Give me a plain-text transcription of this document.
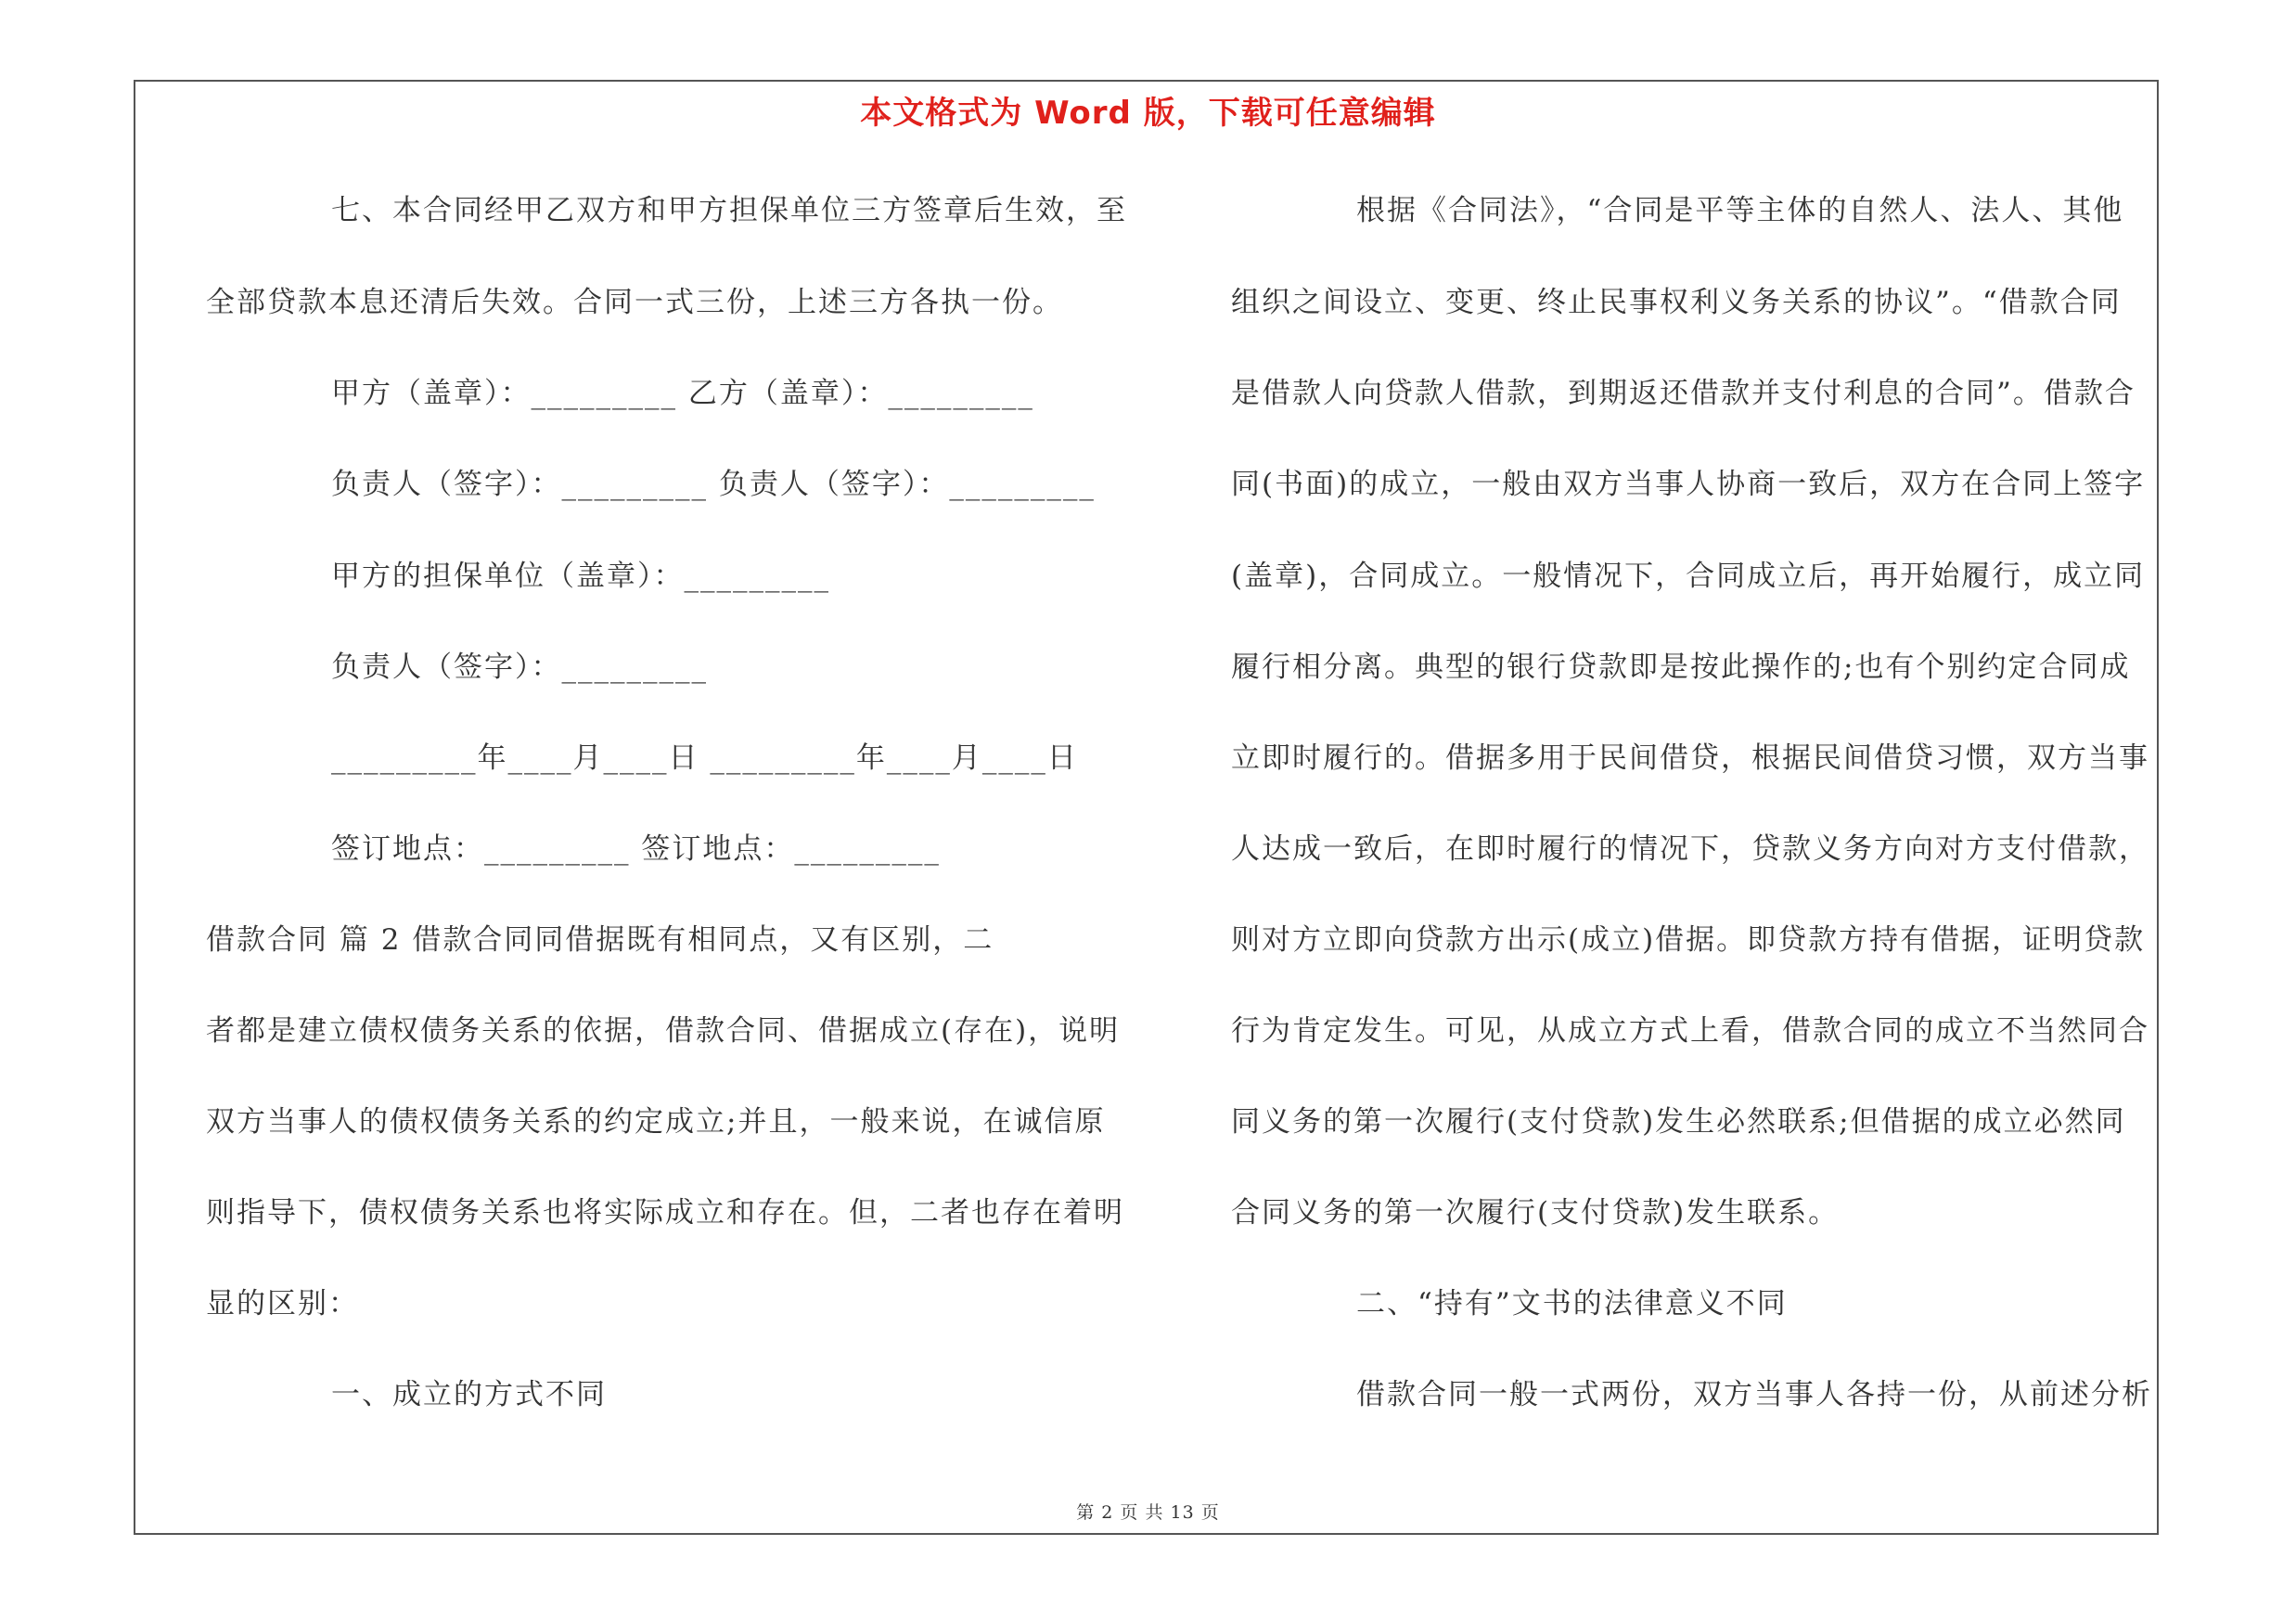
本文格式为 Word 版，下载可任意编辑
七、本合同经甲乙双方和甲方担保单位三方签章后生效，至
全部贷款本息还清后失效。合同一式三份，上述三方各执一份。
甲方（盖章）：_________ 乙方（盖章）：_________
负责人（签字）：_________ 负责人（签字）：_________
甲方的担保单位（盖章）：_________
负责人（签字）：_________
_________年____月____日 _________年____月____日
签订地点：_________ 签订地点：_________
借款合同 篇 2 借款合同同借据既有相同点，又有区别，二
者都是建立债权债务关系的依据，借款合同、借据成立(存在)，说明
双方当事人的债权债务关系的约定成立;并且，一般来说，在诚信原
则指导下，债权债务关系也将实际成立和存在。但，二者也存在着明
显的区别：
一、成立的方式不同
根据《合同法》，“合同是平等主体的自然人、法人、其他
组织之间设立、变更、终止民事权利义务关系的协议”。“借款合同
是借款人向贷款人借款，到期返还借款并支付利息的合同”。借款合
同(书面)的成立，一般由双方当事人协商一致后，双方在合同上签字
(盖章)，合同成立。一般情况下，合同成立后，再开始履行，成立同
履行相分离。典型的银行贷款即是按此操作的;也有个别约定合同成
立即时履行的。借据多用于民间借贷，根据民间借贷习惯，双方当事
人达成一致后，在即时履行的情况下，贷款义务方向对方支付借款，
则对方立即向贷款方出示(成立)借据。即贷款方持有借据，证明贷款
行为肯定发生。可见，从成立方式上看，借款合同的成立不当然同合
同义务的第一次履行(支付贷款)发生必然联系;但借据的成立必然同
合同义务的第一次履行(支付贷款)发生联系。
二、“持有”文书的法律意义不同
借款合同一般一式两份，双方当事人各持一份，从前述分析
第 2 页 共 13 页
